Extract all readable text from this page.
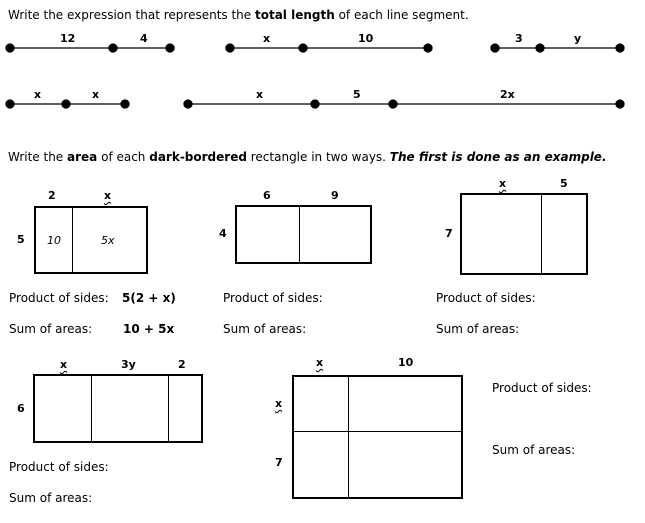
Write the expression that represents the total length of each line segment.
12	4	x	10	3	y
x	x	x	5	2x
Write the area of each dark-bordered rectangle in two ways. The first is done as an example.
2	x
5 10	5x
Product of sides: 5(2 + x)
Sum of areas:	10 + 5x
6	9
4
Product of sides:
Sum of areas:
x	5
7
Product of sides:
Sum of areas:
x	3y	2
6
Product of sides:
Sum of areas:
x	10
x
7
Product of sides:
Sum of areas:
